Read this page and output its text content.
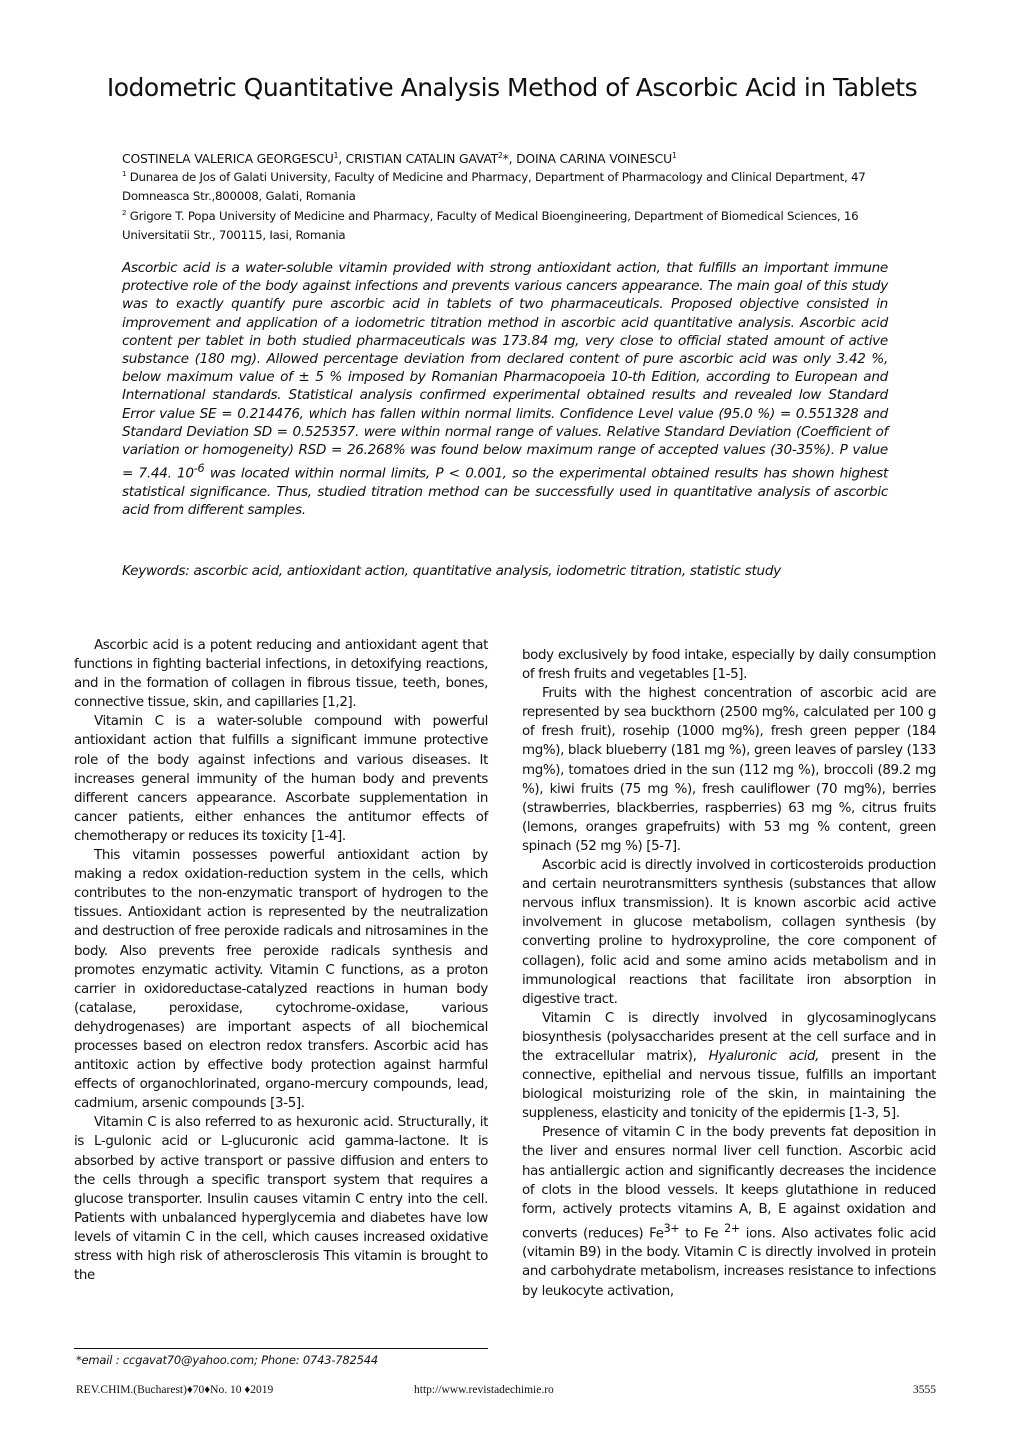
Iodometric Quantitative Analysis Method of Ascorbic Acid in Tablets
COSTINELA VALERICA GEORGESCU$^1$, CRISTIAN CATALIN GAVAT$^2$*, DOINA CARINA VOINESCU$^1$
$^1$ Dunarea de Jos of Galati University, Faculty of Medicine and Pharmacy, Department of Pharmacology and Clinical Department, 47 Domneasca Str.,800008, Galati, Romania
$^2$ Grigore T. Popa University of Medicine and Pharmacy, Faculty of Medical Bioengineering, Department of Biomedical Sciences, 16 Universitatii Str., 700115, Iasi, Romania
Ascorbic acid is a water-soluble vitamin provided with strong antioxidant action, that fulfills an important immune protective role of the body against infections and prevents various cancers appearance. The main goal of this study was to exactly quantify pure ascorbic acid in tablets of two pharmaceuticals. Proposed objective consisted in improvement and application of a iodometric titration method in ascorbic acid quantitative analysis. Ascorbic acid content per tablet in both studied pharmaceuticals was 173.84 mg, very close to official stated amount of active substance (180 mg). Allowed percentage deviation from declared content of pure ascorbic acid was only 3.42 %, below maximum value of ± 5 % imposed by Romanian Pharmacopoeia 10-th Edition, according to European and International standards. Statistical analysis confirmed experimental obtained results and revealed low Standard Error value SE = 0.214476, which has fallen within normal limits. Confidence Level value (95.0 %) = 0.551328 and Standard Deviation SD = 0.525357. were within normal range of values. Relative Standard Deviation (Coefficient of variation or homogeneity) RSD = 26.268% was found below maximum range of accepted values (30-35%). P value = 7.44. $10^{-6}$ was located within normal limits, P < 0.001, so the experimental obtained results has shown highest statistical significance. Thus, studied titration method can be successfully used in quantitative analysis of ascorbic acid from different samples.
Keywords: ascorbic acid, antioxidant action, quantitative analysis, iodometric titration, statistic study

Ascorbic acid is a potent reducing and antioxidant agent that functions in fighting bacterial infections, in detoxifying reactions, and in the formation of collagen in fibrous tissue, teeth, bones, connective tissue, skin, and capillaries [1,2].

Vitamin C is a water-soluble compound with powerful antioxidant action that fulfills a significant immune protective role of the body against infections and various diseases. It increases general immunity of the human body and prevents different cancers appearance. Ascorbate supplementation in cancer patients, either enhances the antitumor effects of chemotherapy or reduces its toxicity [1-4].

This vitamin possesses powerful antioxidant action by making a redox oxidation-reduction system in the cells, which contributes to the non-enzymatic transport of hydrogen to the tissues. Antioxidant action is represented by the neutralization and destruction of free peroxide radicals and nitrosamines in the body. Also prevents free peroxide radicals synthesis and promotes enzymatic activity. Vitamin C functions, as a proton carrier in oxidoreductase-catalyzed reactions in human body (catalase, peroxidase, cytochrome-oxidase, various dehydrogenases) are important aspects of all biochemical processes based on electron redox transfers. Ascorbic acid has antitoxic action by effective body protection against harmful effects of organochlorinated, organo-mercury compounds, lead, cadmium, arsenic compounds [3-5].

Vitamin C is also referred to as hexuronic acid. Structurally, it is L-gulonic acid or L-glucuronic acid gamma-lactone. It is absorbed by active transport or passive diffusion and enters to the cells through a specific transport system that requires a glucose transporter. Insulin causes vitamin C entry into the cell. Patients with unbalanced hyperglycemia and diabetes have low levels of vitamin C in the cell, which causes increased oxidative stress with high risk of atherosclerosis This vitamin is brought to the

body exclusively by food intake, especially by daily consumption of fresh fruits and vegetables [1-5].

Fruits with the highest concentration of ascorbic acid are represented by sea buckthorn (2500 mg%, calculated per 100 g of fresh fruit), rosehip (1000 mg%), fresh green pepper (184 mg%), black blueberry (181 mg %), green leaves of parsley (133 mg%), tomatoes dried in the sun (112 mg %), broccoli (89.2 mg %), kiwi fruits (75 mg %), fresh cauliflower (70 mg%), berries (strawberries, blackberries, raspberries) 63 mg %, citrus fruits (lemons, oranges grapefruits) with 53 mg % content, green spinach (52 mg %) [5-7].

Ascorbic acid is directly involved in corticosteroids production and certain neurotransmitters synthesis (substances that allow nervous influx transmission). It is known ascorbic acid active involvement in glucose metabolism, collagen synthesis (by converting proline to hydroxyproline, the core component of collagen), folic acid and some amino acids metabolism and in immunological reactions that facilitate iron absorption in digestive tract.

Vitamin C is directly involved in glycosaminoglycans biosynthesis (polysaccharides present at the cell surface and in the extracellular matrix), Hyaluronic acid, present in the connective, epithelial and nervous tissue, fulfills an important biological moisturizing role of the skin, in maintaining the suppleness, elasticity and tonicity of the epidermis [1-3, 5].

Presence of vitamin C in the body prevents fat deposition in the liver and ensures normal liver cell function. Ascorbic acid has antiallergic action and significantly decreases the incidence of clots in the blood vessels. It keeps glutathione in reduced form, actively protects vitamins A, B, E against oxidation and converts (reduces) $Fe^{3+}$ to Fe $^{2+}$ ions. Also activates folic acid (vitamin B9) in the body. Vitamin C is directly involved in protein and carbohydrate metabolism, increases resistance to infections by leukocyte activation,

*email : ccgavat70@yahoo.com; Phone: 0743-782544
REV.CHIM.(Bucharest)♦70♦No. 10 ♦2019	http://www.revistadechimie.ro	3555
